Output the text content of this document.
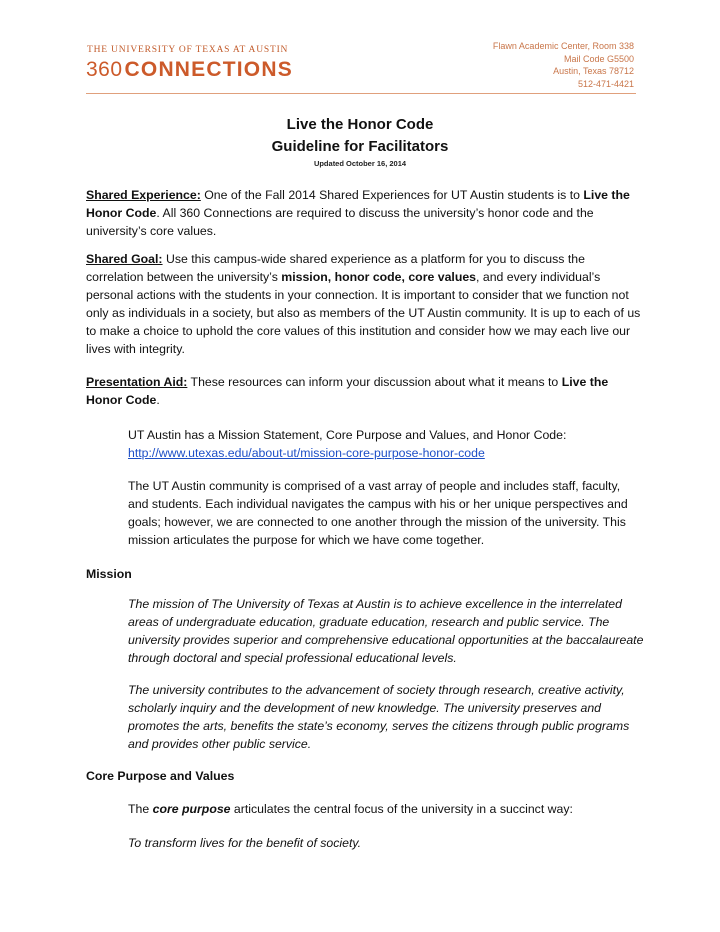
THE UNIVERSITY OF TEXAS AT AUSTIN
360CONNECTIONS
Flawn Academic Center, Room 338
Mail Code G5500
Austin, Texas 78712
512-471-4421
Live the Honor Code
Guideline for Facilitators
Updated October 16, 2014
Shared Experience: One of the Fall 2014 Shared Experiences for UT Austin students is to Live the Honor Code. All 360 Connections are required to discuss the university’s honor code and the university’s core values.
Shared Goal: Use this campus-wide shared experience as a platform for you to discuss the correlation between the university’s mission, honor code, core values, and every individual’s personal actions with the students in your connection. It is important to consider that we function not only as individuals in a society, but also as members of the UT Austin community. It is up to each of us to make a choice to uphold the core values of this institution and consider how we may each live our lives with integrity.
Presentation Aid: These resources can inform your discussion about what it means to Live the Honor Code.
UT Austin has a Mission Statement, Core Purpose and Values, and Honor Code:
http://www.utexas.edu/about-ut/mission-core-purpose-honor-code
The UT Austin community is comprised of a vast array of people and includes staff, faculty, and students. Each individual navigates the campus with his or her unique perspectives and goals; however, we are connected to one another through the mission of the university. This mission articulates the purpose for which we have come together.
Mission
The mission of The University of Texas at Austin is to achieve excellence in the interrelated areas of undergraduate education, graduate education, research and public service. The university provides superior and comprehensive educational opportunities at the baccalaureate through doctoral and special professional educational levels.
The university contributes to the advancement of society through research, creative activity, scholarly inquiry and the development of new knowledge. The university preserves and promotes the arts, benefits the state’s economy, serves the citizens through public programs and provides other public service.
Core Purpose and Values
The core purpose articulates the central focus of the university in a succinct way:
To transform lives for the benefit of society.
